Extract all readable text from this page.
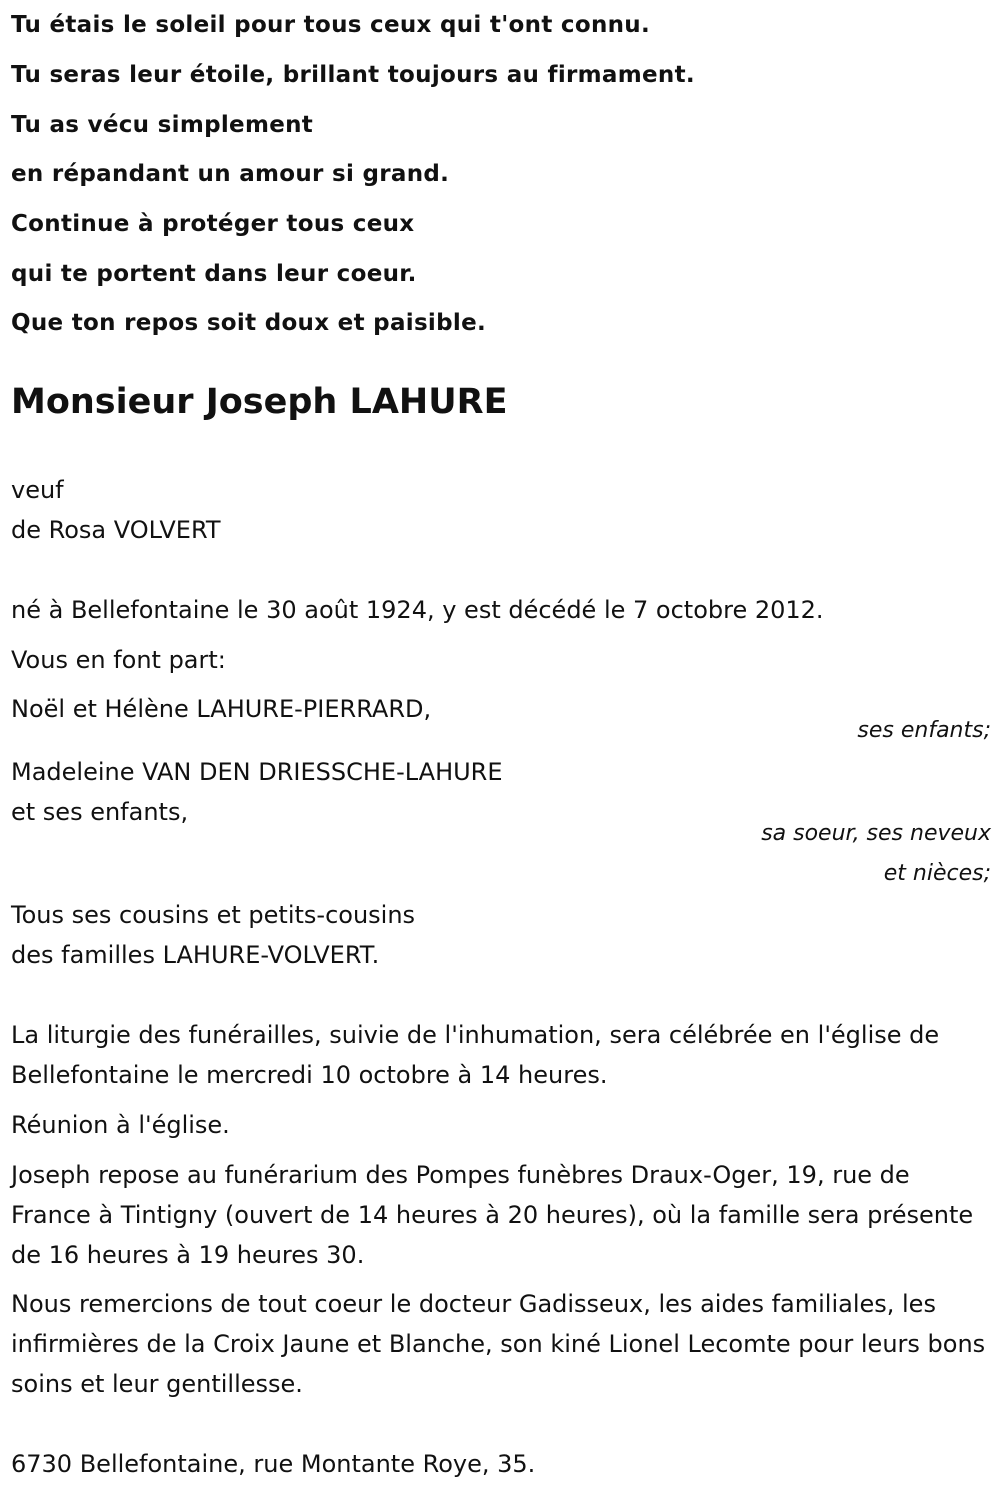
Tu étais le soleil pour tous ceux qui t'ont connu.
Tu seras leur étoile, brillant toujours au firmament.
Tu as vécu simplement
en répandant un amour si grand.
Continue à protéger tous ceux
qui te portent dans leur coeur.
Que ton repos soit doux et paisible.
Monsieur Joseph LAHURE
veuf
de Rosa VOLVERT
né à Bellefontaine le 30 août 1924, y est décédé le 7 octobre 2012.
Vous en font part:
Noël et Hélène LAHURE-PIERRARD,
ses enfants;
Madeleine VAN DEN DRIESSCHE-LAHURE
et ses enfants,
sa soeur, ses neveux
et nièces;
Tous ses cousins et petits-cousins
des familles LAHURE-VOLVERT.
La liturgie des funérailles, suivie de l'inhumation, sera célébrée en l'église de Bellefontaine le mercredi 10 octobre à 14 heures.
Réunion à l'église.
Joseph repose au funérarium des Pompes funèbres Draux-Oger, 19, rue de France à Tintigny (ouvert de 14 heures à 20 heures), où la famille sera présente de 16 heures à 19 heures 30.
Nous remercions de tout coeur le docteur Gadisseux, les aides familiales, les infirmières de la Croix Jaune et Blanche, son kiné Lionel Lecomte pour leurs bons soins et leur gentillesse.
6730 Bellefontaine, rue Montante Roye, 35.
